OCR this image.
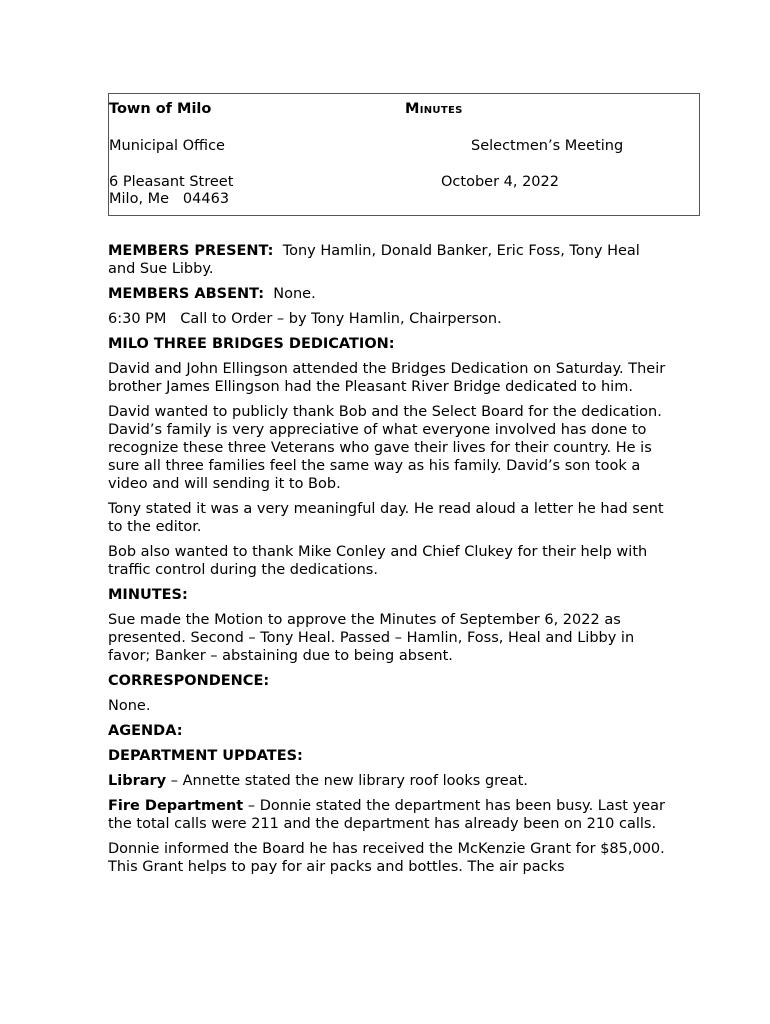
Town of Milo	Minutes
Municipal Office	Selectmen’s Meeting
6 Pleasant Street
Milo, Me   04463
October 4, 2022

MEMBERS PRESENT: Tony Hamlin, Donald Banker, Eric Foss, Tony Heal and Sue Libby.

MEMBERS ABSENT: None.

6:30 PM   Call to Order – by Tony Hamlin, Chairperson.

MILO THREE BRIDGES DEDICATION:

David and John Ellingson attended the Bridges Dedication on Saturday. Their brother James Ellingson had the Pleasant River Bridge dedicated to him.

David wanted to publicly thank Bob and the Select Board for the dedication. David’s family is very appreciative of what everyone involved has done to recognize these three Veterans who gave their lives for their country. He is sure all three families feel the same way as his family. David’s son took a video and will sending it to Bob.

Tony stated it was a very meaningful day. He read aloud a letter he had sent to the editor.

Bob also wanted to thank Mike Conley and Chief Clukey for their help with traffic control during the dedications.

MINUTES:

Sue made the Motion to approve the Minutes of September 6, 2022 as presented. Second – Tony Heal. Passed – Hamlin, Foss, Heal and Libby in favor; Banker – abstaining due to being absent.

CORRESPONDENCE:

None.

AGENDA:

DEPARTMENT UPDATES:

Library – Annette stated the new library roof looks great.

Fire Department – Donnie stated the department has been busy. Last year the total calls were 211 and the department has already been on 210 calls.

Donnie informed the Board he has received the McKenzie Grant for $85,000. This Grant helps to pay for air packs and bottles. The air packs
